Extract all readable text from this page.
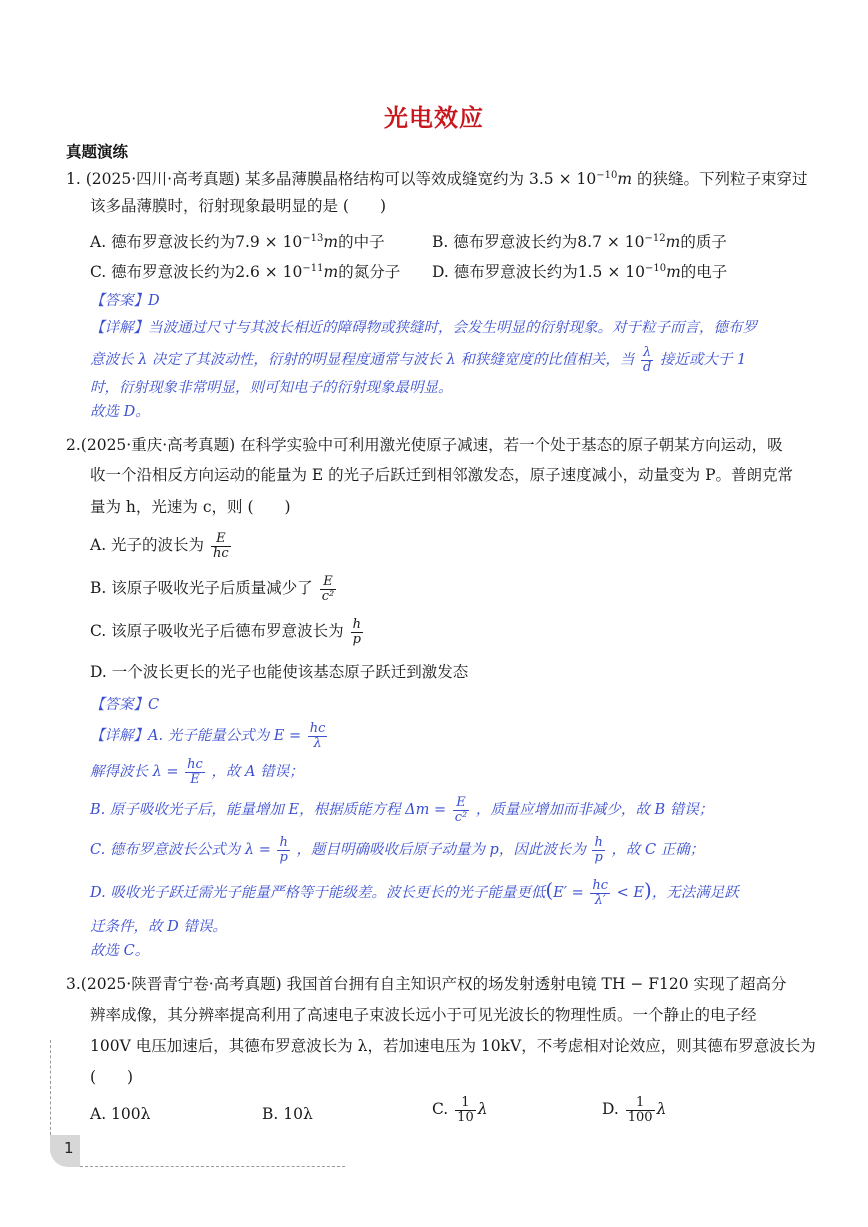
光电效应
真题演练
1. (2025·四川·高考真题) 某多晶薄膜晶格结构可以等效成缝宽约为 $3.5 \times 10^{-10}m$ 的狭缝。下列粒子束穿过
该多晶薄膜时，衍射现象最明显的是 (　　)
A. 德布罗意波长约为$7.9 \times 10^{-13}m$的中子	B. 德布罗意波长约为$8.7 \times 10^{-12}m$的质子
C. 德布罗意波长约为$2.6 \times 10^{-11}m$的氮分子 D. 德布罗意波长约为$1.5 \times 10^{-10}m$的电子
【答案】D
【详解】当波通过尺寸与其波长相近的障碍物或狭缝时，会发生明显的衍射现象。对于粒子而言，德布罗
意波长 λ 决定了其波动性，衍射的明显程度通常与波长 λ 和狭缝宽度的比值相关，当 $\frac{\lambda}{d}$ 接近或大于 1
时，衍射现象非常明显，则可知电子的衍射现象最明显。
故选 D。
2.(2025·重庆·高考真题) 在科学实验中可利用激光使原子减速，若一个处于基态的原子朝某方向运动，吸
收一个沿相反方向运动的能量为 E 的光子后跃迁到相邻激发态，原子速度减小，动量变为 P。普朗克常
量为 h，光速为 c，则 (　　)
A. 光子的波长为 $\frac{E}{hc}$
B. 该原子吸收光子后质量减少了 $\frac{E}{\text{c²}}$
C. 该原子吸收光子后德布罗意波长为 $\frac{h}{p}$
D. 一个波长更长的光子也能使该基态原子跃迁到激发态
【答案】C
【详解】A. 光子能量公式为 $E = \frac{hc}{\lambda}$
解得波长 $\lambda = \frac{hc}{E}$ ，故 A 错误；
B. 原子吸收光子后，能量增加 E，根据质能方程 $\Delta m = \frac{E}{\text{c²}}$ ，质量应增加而非减少，故 B 错误；
C. 德布罗意波长公式为 $\lambda = \frac{h}{p}$ ，题目明确吸收后原子动量为 p，因此波长为 $\frac{h}{p}$ ，故 C 正确；
D. 吸收光子跃迁需光子能量严格等于能级差。波长更长的光子能量更低$(E' = \frac{hc}{\lambda'} < E)$，无法满足跃
迁条件，故 D 错误。
故选 C。
3.(2025·陕晋青宁卷·高考真题) 我国首台拥有自主知识产权的场发射透射电镜 TH − F120 实现了超高分
辨率成像，其分辨率提高利用了高速电子束波长远小于可见光波长的物理性质。一个静止的电子经
100V 电压加速后，其德布罗意波长为 λ，若加速电压为 10kV，不考虑相对论效应，则其德布罗意波长为
(　　)
A. 100λ	B. 10λ	C. $\frac{1}{10}$ λ	D. $\frac{1}{100}$ λ
1
